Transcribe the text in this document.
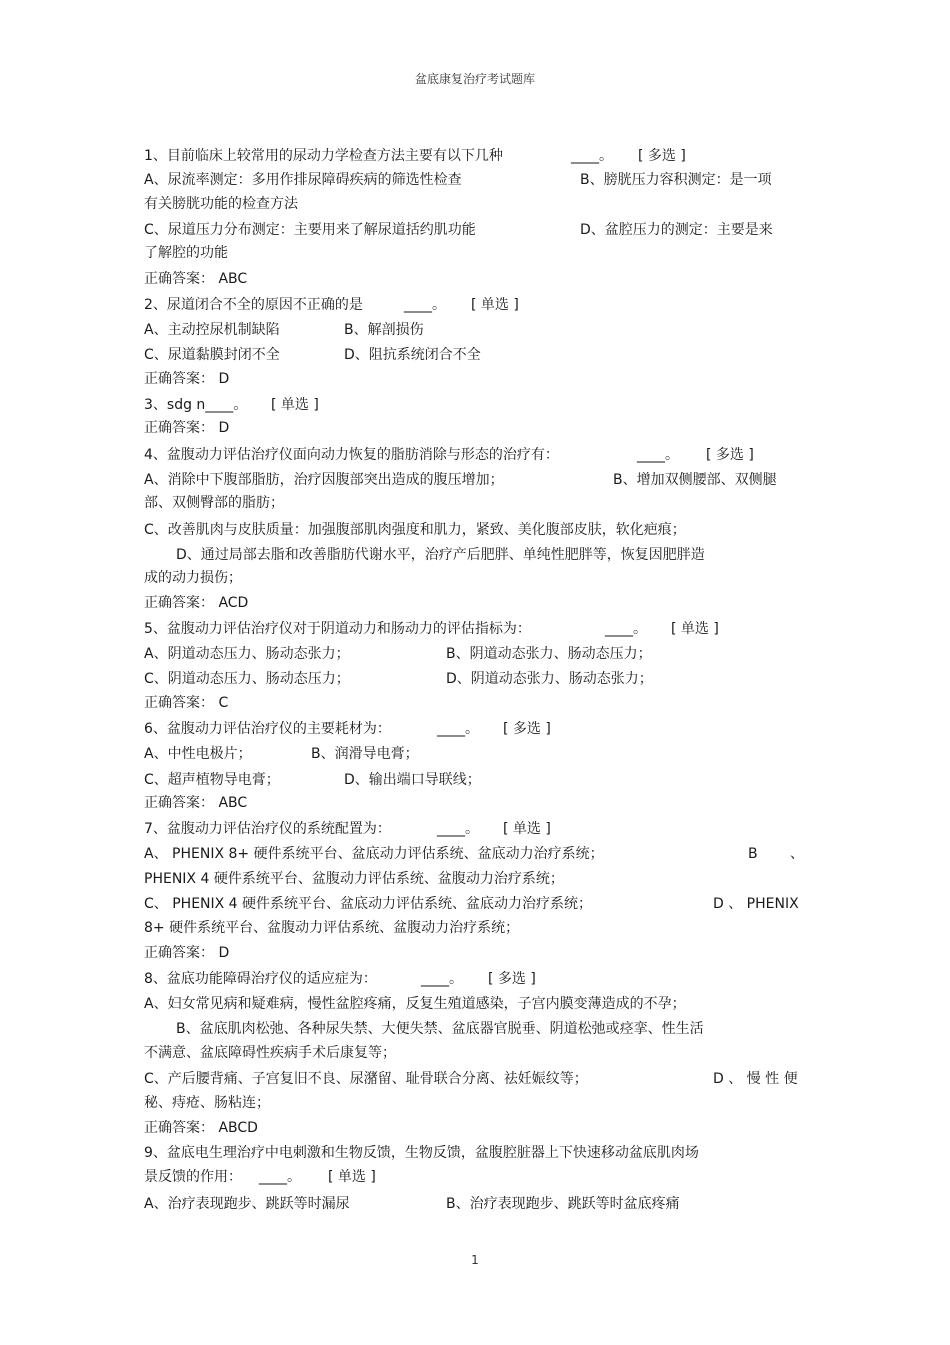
盆底康复治疗考试题库
1、目前临床上较常用的尿动力学检查方法主要有以下几种	____。 [ 多选 ]
A、尿流率测定：多用作排尿障碍疾病的筛选性检查	B、膀胱压力容积测定：是一项
有关膀胱功能的检查方法
C、尿道压力分布测定：主要用来了解尿道括约肌功能	D、盆腔压力的测定：主要是来
了解腔的功能
正确答案： ABC
2、尿道闭合不全的原因不正确的是	____。 [ 单选 ]
A、主动控尿机制缺陷	B、解剖损伤
C、尿道黏膜封闭不全	D、阻抗系统闭合不全
正确答案： D
3、sdg n____。 [ 单选 ]
正确答案： D
4、盆腹动力评估治疗仪面向动力恢复的脂肪消除与形态的治疗有：	____。 [ 多选 ]
A、消除中下腹部脂肪，治疗因腹部突出造成的腹压增加；	B、增加双侧腰部、双侧腿
部、双侧臀部的脂肪；
C、改善肌肉与皮肤质量：加强腹部肌肉强度和肌力，紧致、美化腹部皮肤，软化疤痕；
D、通过局部去脂和改善脂肪代谢水平，治疗产后肥胖、单纯性肥胖等，恢复因肥胖造
成的动力损伤；
正确答案： ACD
5、盆腹动力评估治疗仪对于阴道动力和肠动力的评估指标为：	____。 [ 单选 ]
A、阴道动态压力、肠动态张力；	B、阴道动态张力、肠动态压力；
C、阴道动态压力、肠动态压力；	D、阴道动态张力、肠动态张力；
正确答案： C
6、盆腹动力评估治疗仪的主要耗材为：	____。 [ 多选 ]
A、中性电极片；	B、润滑导电膏；
C、超声植物导电膏；	D、输出端口导联线；
正确答案： ABC
7、盆腹动力评估治疗仪的系统配置为：	____。 [ 单选 ]
A、 PHENIX 8+ 硬件系统平台、盆底动力评估系统、盆底动力治疗系统；	B 、
PHENIX 4 硬件系统平台、盆腹动力评估系统、盆腹动力治疗系统；
C、 PHENIX 4 硬件系统平台、盆底动力评估系统、盆底动力治疗系统；	D 、 PHENIX
8+ 硬件系统平台、盆腹动力评估系统、盆腹动力治疗系统；
正确答案： D
8、盆底功能障碍治疗仪的适应症为：	____。 [ 多选 ]
A、妇女常见病和疑难病，慢性盆腔疼痛，反复生殖道感染，子宫内膜变薄造成的不孕；
B、盆底肌肉松弛、各种尿失禁、大便失禁、盆底器官脱垂、阴道松弛或痉挛、性生活
不满意、盆底障碍性疾病手术后康复等；
C、产后腰背痛、子宫复旧不良、尿潴留、耻骨联合分离、祛妊娠纹等；	D 、 慢 性 便
秘、痔疮、肠粘连；
正确答案： ABCD
9、盆底电生理治疗中电刺激和生物反馈，生物反馈，盆腹腔脏器上下快速移动盆底肌肉场
景反馈的作用： ____。 [ 单选 ]
A、治疗表现跑步、跳跃等时漏尿	B、治疗表现跑步、跳跃等时盆底疼痛
1
